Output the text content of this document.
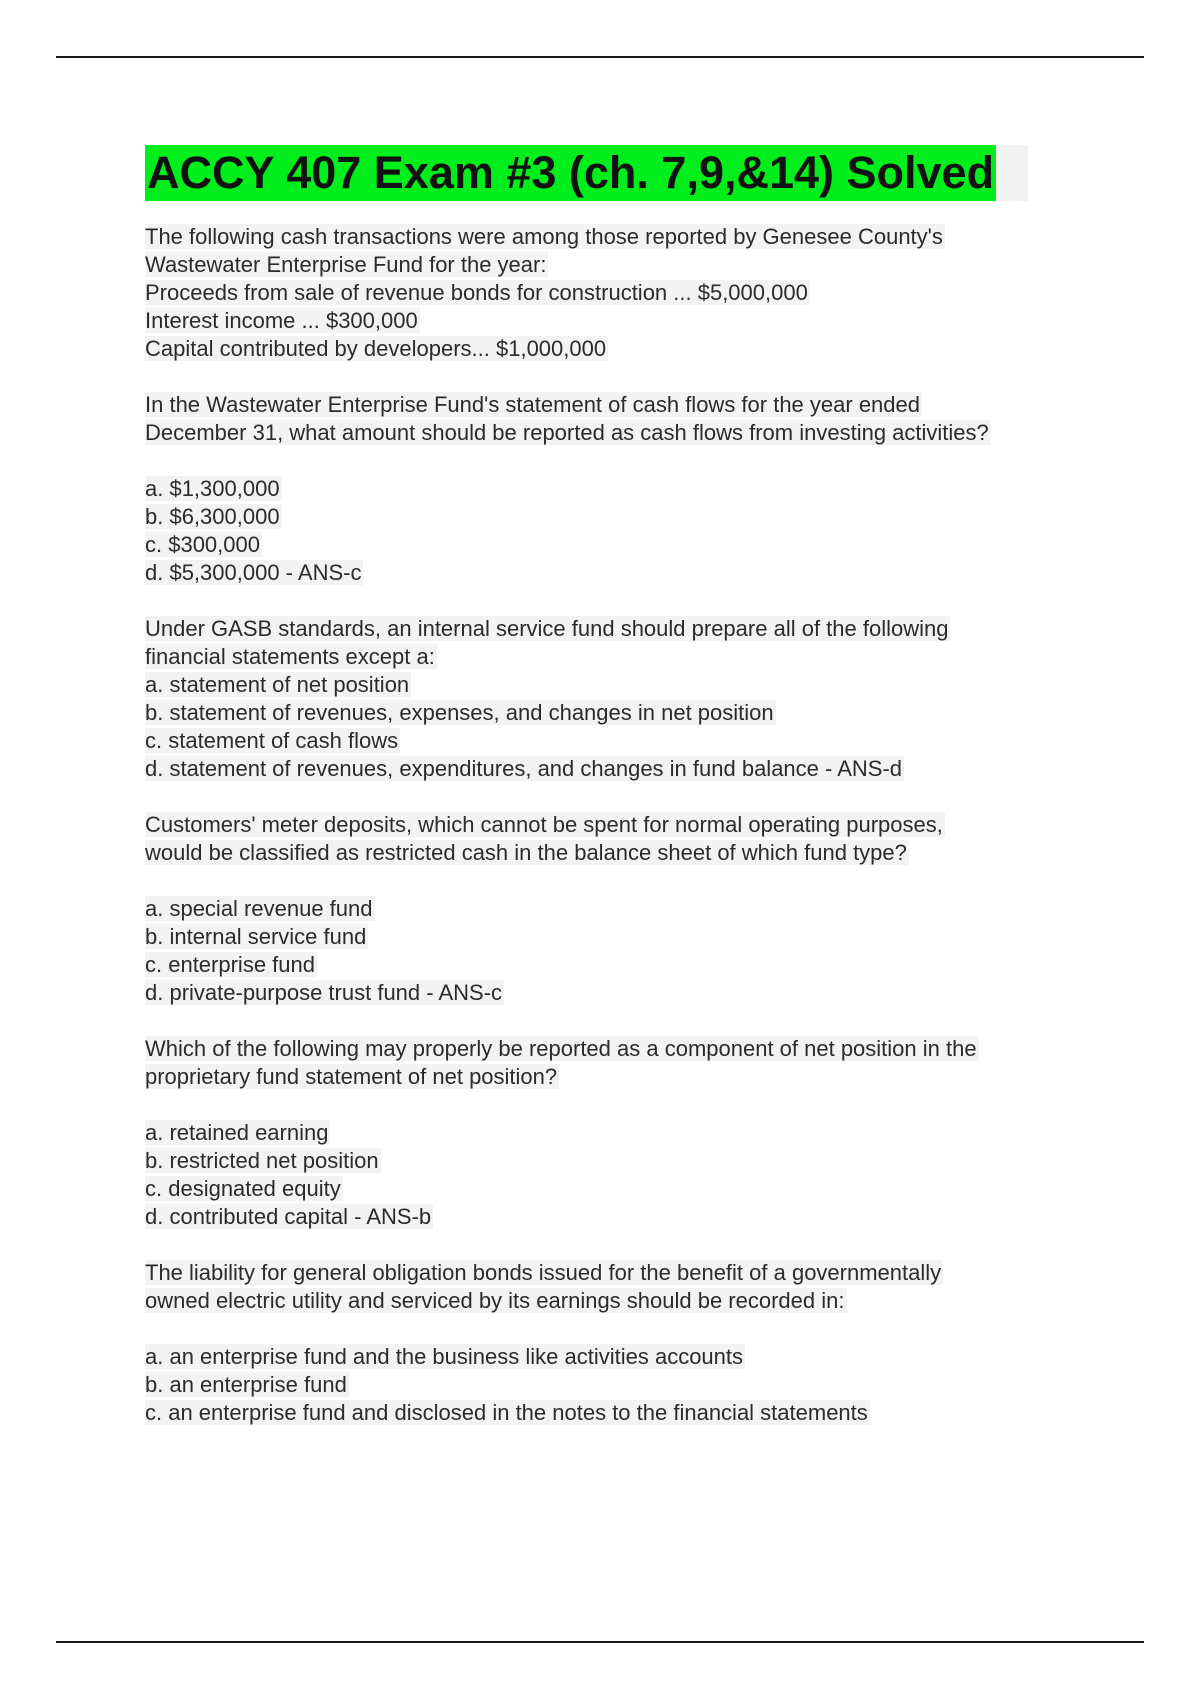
ACCY 407 Exam #3 (ch. 7,9,&14) Solved
The following cash transactions were among those reported by Genesee County's
Wastewater Enterprise Fund for the year:
Proceeds from sale of revenue bonds for construction ... $5,000,000
Interest income ... $300,000
Capital contributed by developers... $1,000,000
In the Wastewater Enterprise Fund's statement of cash flows for the year ended
December 31, what amount should be reported as cash flows from investing activities?
a. $1,300,000
b. $6,300,000
c. $300,000
d. $5,300,000 - ANS-c
Under GASB standards, an internal service fund should prepare all of the following
financial statements except a:
a. statement of net position
b. statement of revenues, expenses, and changes in net position
c. statement of cash flows
d. statement of revenues, expenditures, and changes in fund balance - ANS-d
Customers' meter deposits, which cannot be spent for normal operating purposes,
would be classified as restricted cash in the balance sheet of which fund type?
a. special revenue fund
b. internal service fund
c. enterprise fund
d. private-purpose trust fund - ANS-c
Which of the following may properly be reported as a component of net position in the
proprietary fund statement of net position?
a. retained earning
b. restricted net position
c. designated equity
d. contributed capital - ANS-b
The liability for general obligation bonds issued for the benefit of a governmentally
owned electric utility and serviced by its earnings should be recorded in:
a. an enterprise fund and the business like activities accounts
b. an enterprise fund
c. an enterprise fund and disclosed in the notes to the financial statements
